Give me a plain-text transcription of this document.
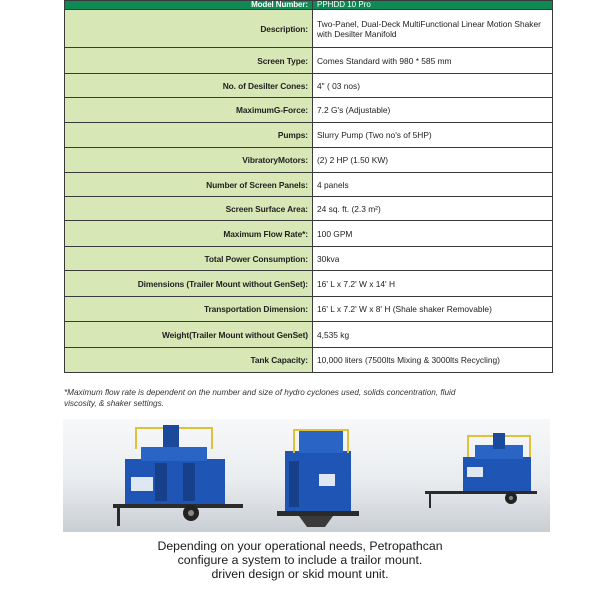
Model Number:	PPHDD 10 Pro
Description:	Two-Panel, Dual-Deck MultiFunctional Linear Motion Shaker with Desilter Manifold
Screen Type:	Comes Standard with 980 * 585 mm
No. of Desilter Cones:	4" ( 03 nos)
MaximumG-Force:	7.2 G's (Adjustable)
Pumps:	Slurry Pump (Two no's of 5HP)
VibratoryMotors:	(2) 2 HP (1.50 KW)
Number of Screen Panels:	4 panels
Screen Surface Area:	24 sq. ft. (2.3 m²)
Maximum Flow Rate*:	100 GPM
Total Power Consumption:	30kva
Dimensions (Trailer Mount without GenSet):	16' L x 7.2' W x 14' H
Transportation Dimension:	16' L x 7.2' W x 8' H (Shale shaker Removable)
Weight(Trailer Mount without GenSet)	4,535 kg
Tank Capacity:	10,000 liters (7500lts Mixing & 3000lts Recycling)
*Maximum flow rate is dependent on the number and size of hydro cyclones used, solids concentration, fluid viscosity, & shaker settings.
Depending on your operational needs, Petropathcan
configure a system to include a trailor mount.
driven design or skid mount unit.
